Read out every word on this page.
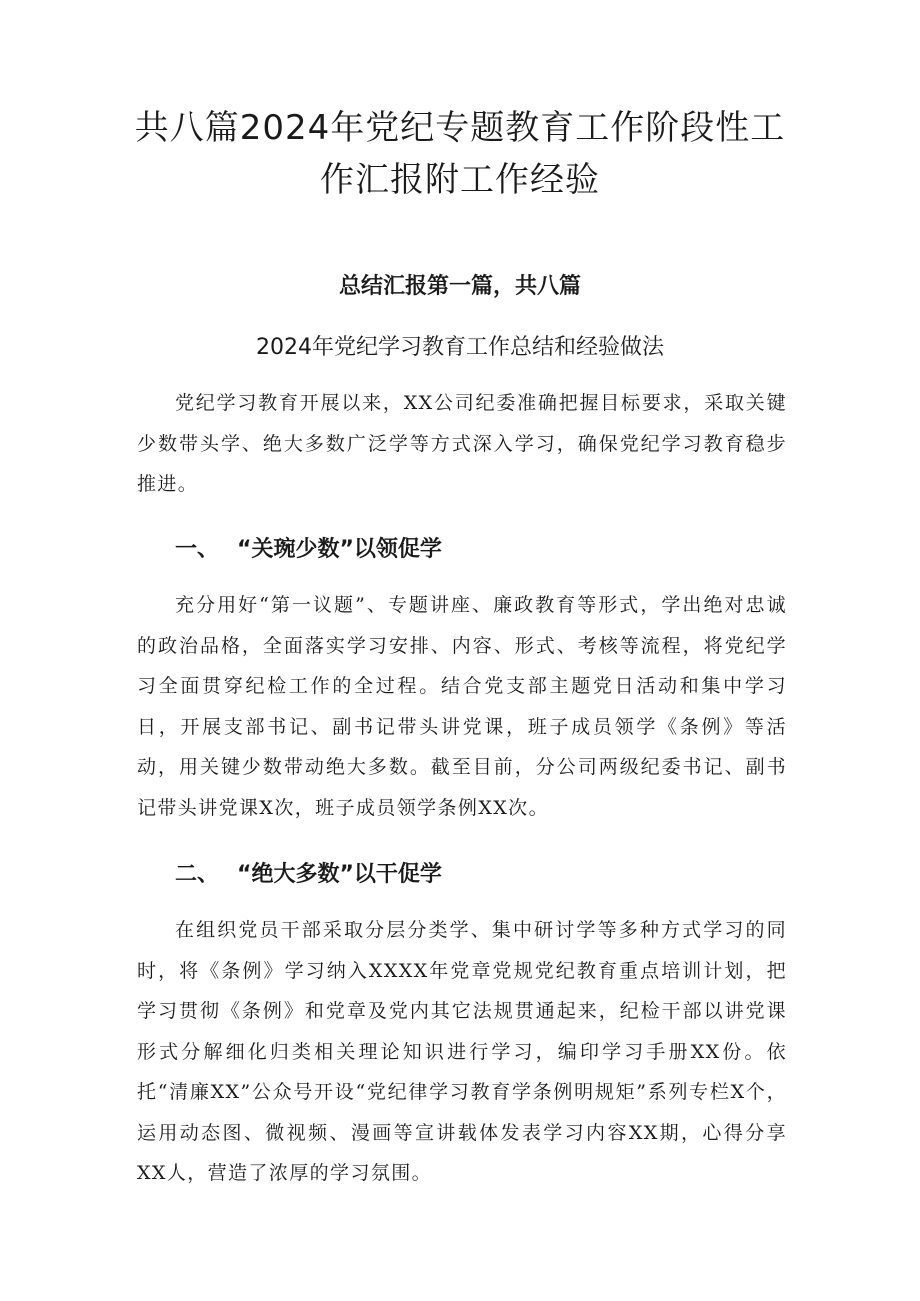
共八篇2024年党纪专题教育工作阶段性工作汇报附工作经验
总结汇报第一篇，共八篇
2024年党纪学习教育工作总结和经验做法

党纪学习教育开展以来，XX公司纪委准确把握目标要求，采取关键少数带头学、绝大多数广泛学等方式深入学习，确保党纪学习教育稳步推进。

一、 “关琬少数”以领促学

充分用好“第一议题”、专题讲座、廉政教育等形式，学出绝对忠诚的政治品格，全面落实学习安排、内容、形式、考核等流程，将党纪学习全面贯穿纪检工作的全过程。结合党支部主题党日活动和集中学习日，开展支部书记、副书记带头讲党课，班子成员领学《条例》等活动，用关键少数带动绝大多数。截至目前，分公司两级纪委书记、副书记带头讲党课X次，班子成员领学条例XX次。

二、 “绝大多数”以干促学

在组织党员干部采取分层分类学、集中研讨学等多种方式学习的同时，将《条例》学习纳入XXXX年党章党规党纪教育重点培训计划，把学习贯彻《条例》和党章及党内其它法规贯通起来，纪检干部以讲党课形式分解细化归类相关理论知识进行学习，编印学习手册XX份。依托“清廉XX”公众号开设“党纪律学习教育学条例明规矩”系列专栏X个，运用动态图、微视频、漫画等宣讲载体发表学习内容XX期，心得分享XX人，营造了浓厚的学习氛围。
